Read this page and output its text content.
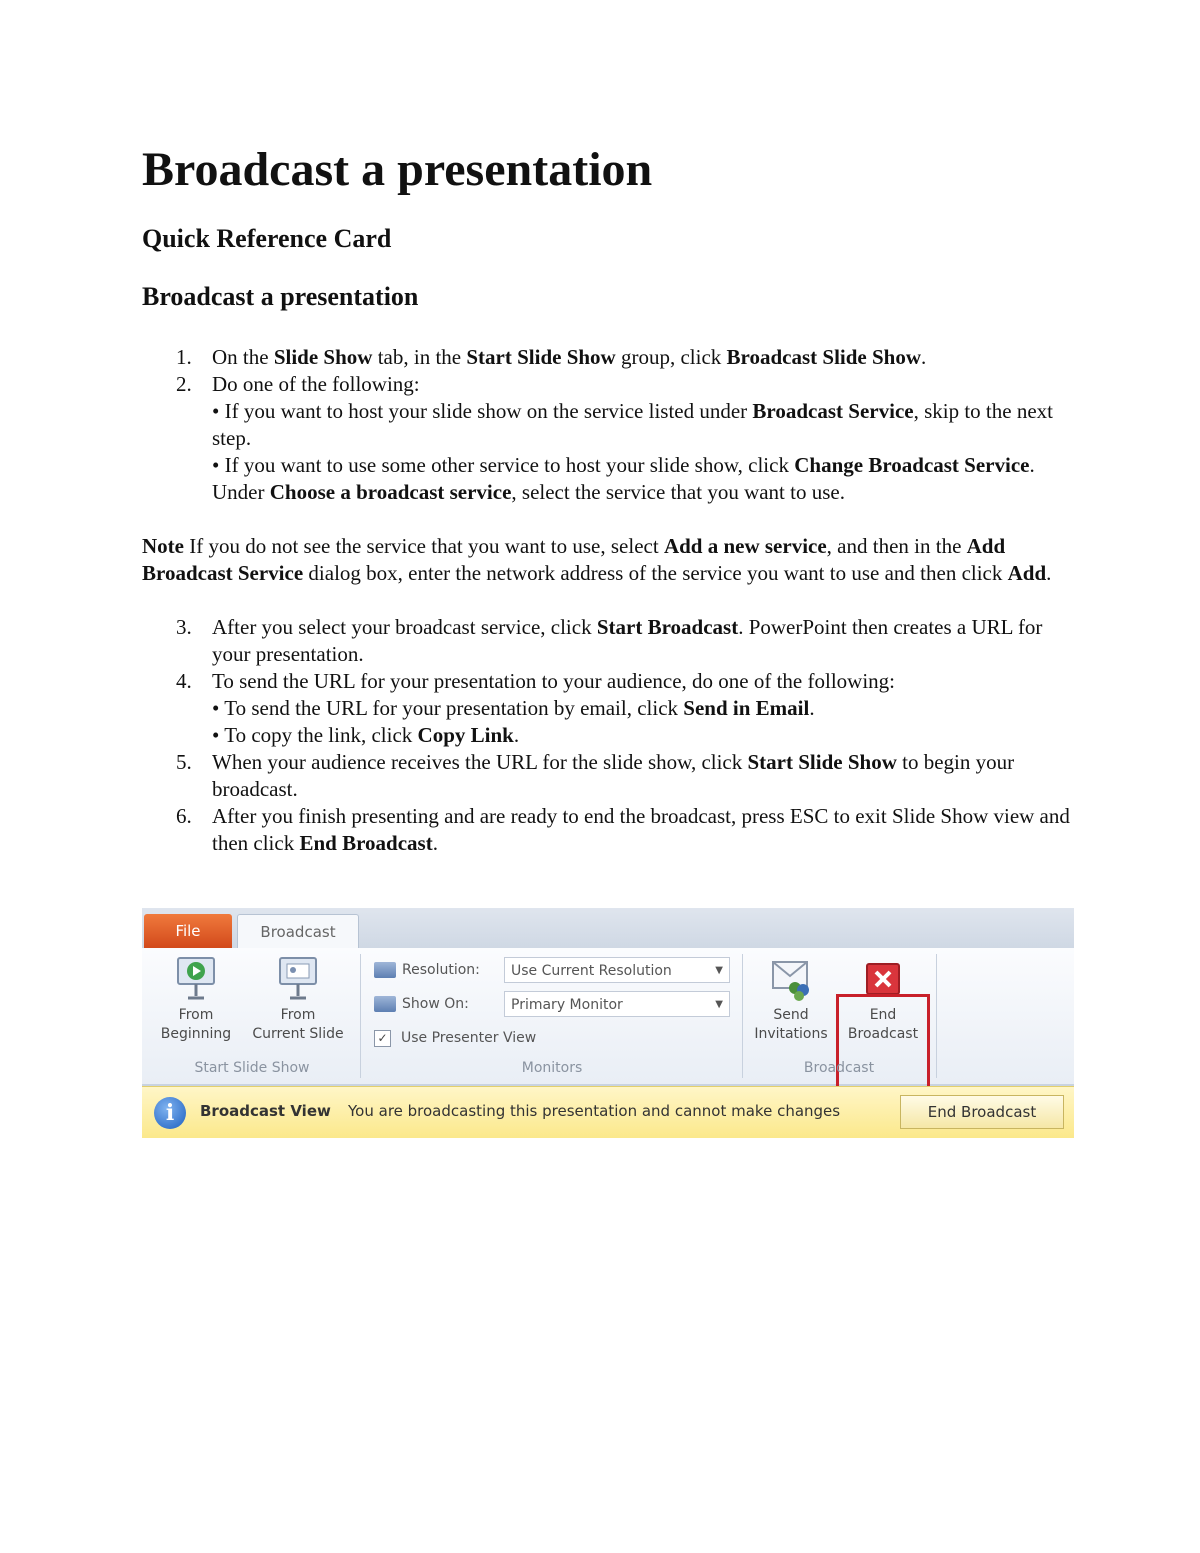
Broadcast a presentation
Quick Reference Card
Broadcast a presentation
1. On the Slide Show tab, in the Start Slide Show group, click Broadcast Slide Show.
2. Do one of the following:
• If you want to host your slide show on the service listed under Broadcast Service, skip to the next step.
• If you want to use some other service to host your slide show, click Change Broadcast Service. Under Choose a broadcast service, select the service that you want to use.

Note If you do not see the service that you want to use, select Add a new service, and then in the Add Broadcast Service dialog box, enter the network address of the service you want to use and then click Add.

3. After you select your broadcast service, click Start Broadcast. PowerPoint then creates a URL for your presentation.
4. To send the URL for your presentation to your audience, do one of the following:
• To send the URL for your presentation by email, click Send in Email.
• To copy the link, click Copy Link.
5. When your audience receives the URL for the slide show, click Start Slide Show to begin your broadcast.
6. After you finish presenting and are ready to end the broadcast, press ESC to exit Slide Show view and then click End Broadcast.
File	Broadcast
From
Beginning
From
Current Slide
Start Slide Show
Resolution:	Use Current Resolution	▼
Show On:	Primary Monitor	▼
✓ Use Presenter View
Monitors
Send
Invitations
End
Broadcast
Broadcast
i	Broadcast View You are broadcasting this presentation and cannot make changes	End Broadcast
